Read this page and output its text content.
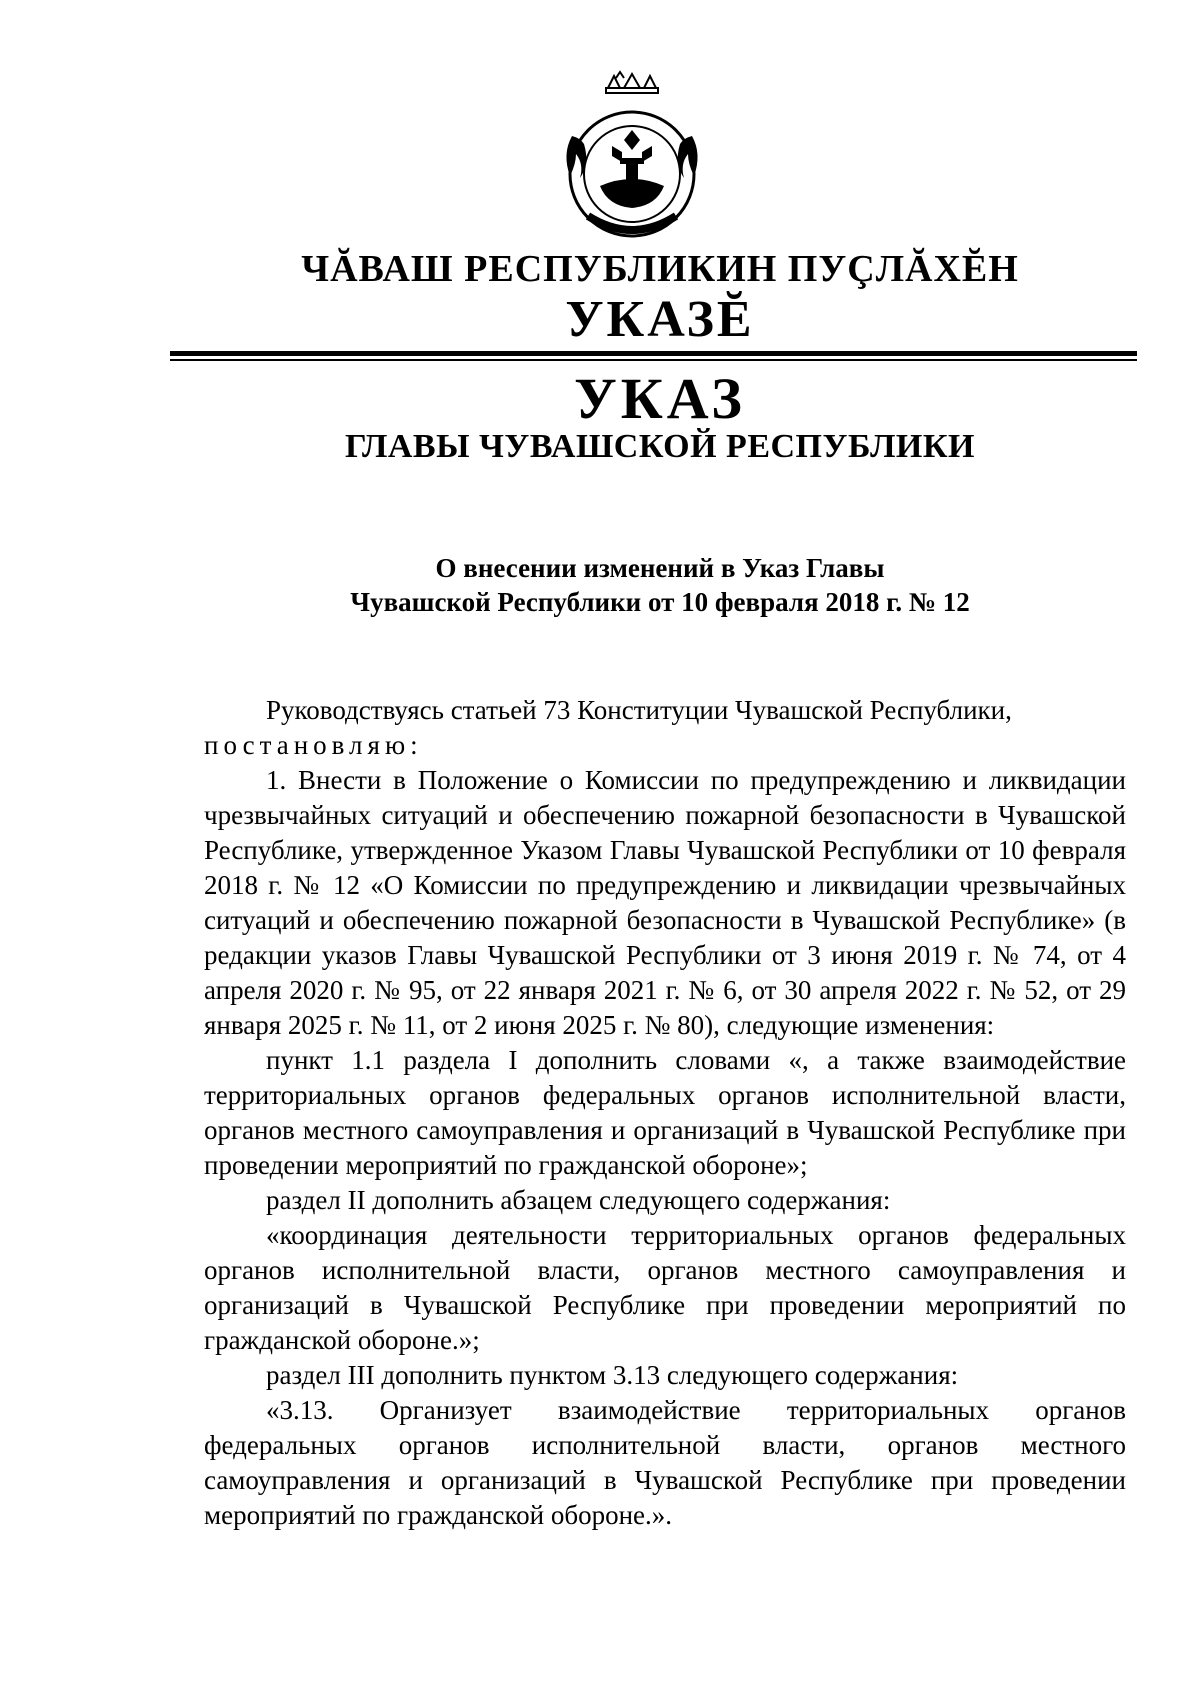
ЧĂВАШ РЕСПУБЛИКИН ПУÇЛĂХĔН
УКАЗĔ
УКАЗ
ГЛАВЫ ЧУВАШСКОЙ РЕСПУБЛИКИ
О внесении изменений в Указ Главы
Чувашской Республики от 10 февраля 2018 г. № 12

Руководствуясь статьей 73 Конституции Чувашской Республики,

постановляю:

1. Внести в Положение о Комиссии по предупреждению и ликвидации чрезвычайных ситуаций и обеспечению пожарной безопасности в Чувашской Республике, утвержденное Указом Главы Чувашской Республики от 10 февраля 2018 г. № 12 «О Комиссии по предупреждению и ликвидации чрезвычайных ситуаций и обеспечению пожарной безопасности в Чувашской Республике» (в редакции указов Главы Чувашской Республики от 3 июня 2019 г. № 74, от 4 апреля 2020 г. № 95, от 22 января 2021 г. № 6, от 30 апреля 2022 г. № 52, от 29 января 2025 г. № 11, от 2 июня 2025 г. № 80), следующие изменения:

пункт 1.1 раздела I дополнить словами «, а также взаимодействие территориальных органов федеральных органов исполнительной власти, органов местного самоуправления и организаций в Чувашской Республике при проведении мероприятий по гражданской обороне»;

раздел II дополнить абзацем следующего содержания:

«координация деятельности территориальных органов федеральных органов исполнительной власти, органов местного самоуправления и организаций в Чувашской Республике при проведении мероприятий по гражданской обороне.»;

раздел III дополнить пунктом 3.13 следующего содержания:

«3.13. Организует взаимодействие территориальных органов федеральных органов исполнительной власти, органов местного самоуправления и организаций в Чувашской Республике при проведении мероприятий по гражданской обороне.».
